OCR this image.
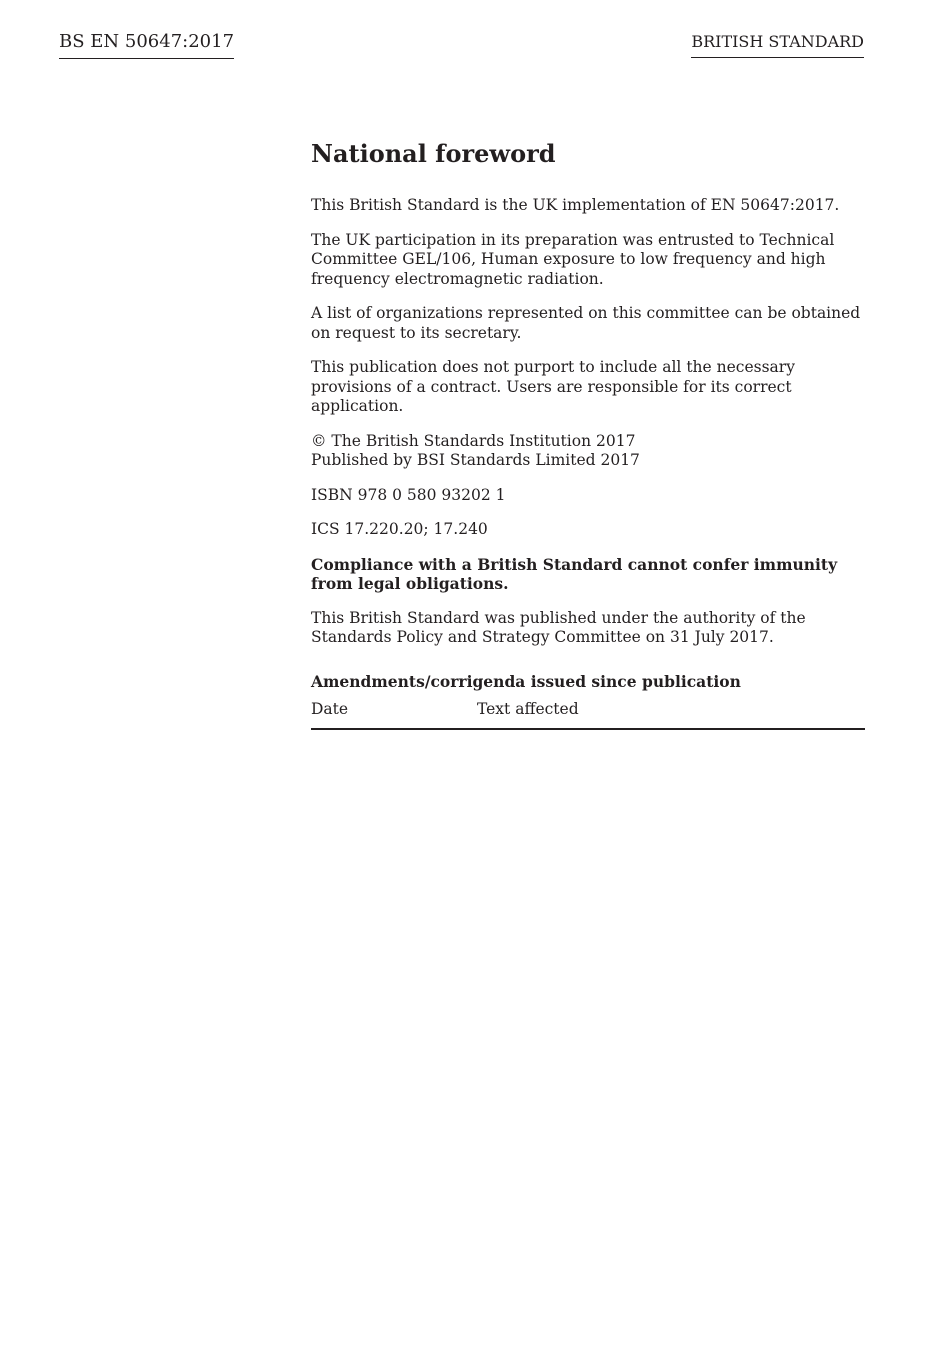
BS EN 50647:2017	BRITISH STANDARD
National foreword

This British Standard is the UK implementation of EN 50647:2017.

The UK participation in its preparation was entrusted to Technical Committee GEL/106, Human exposure to low frequency and high frequency electromagnetic radiation.

A list of organizations represented on this committee can be obtained on request to its secretary.

This publication does not purport to include all the necessary provisions of a contract. Users are responsible for its correct application.

© The British Standards Institution 2017
Published by BSI Standards Limited 2017

ISBN 978 0 580 93202 1

ICS 17.220.20; 17.240

Compliance with a British Standard cannot confer immunity from legal obligations.

This British Standard was published under the authority of the Standards Policy and Strategy Committee on 31 July 2017.

Amendments/corrigenda issued since publication
Date	Text affected
